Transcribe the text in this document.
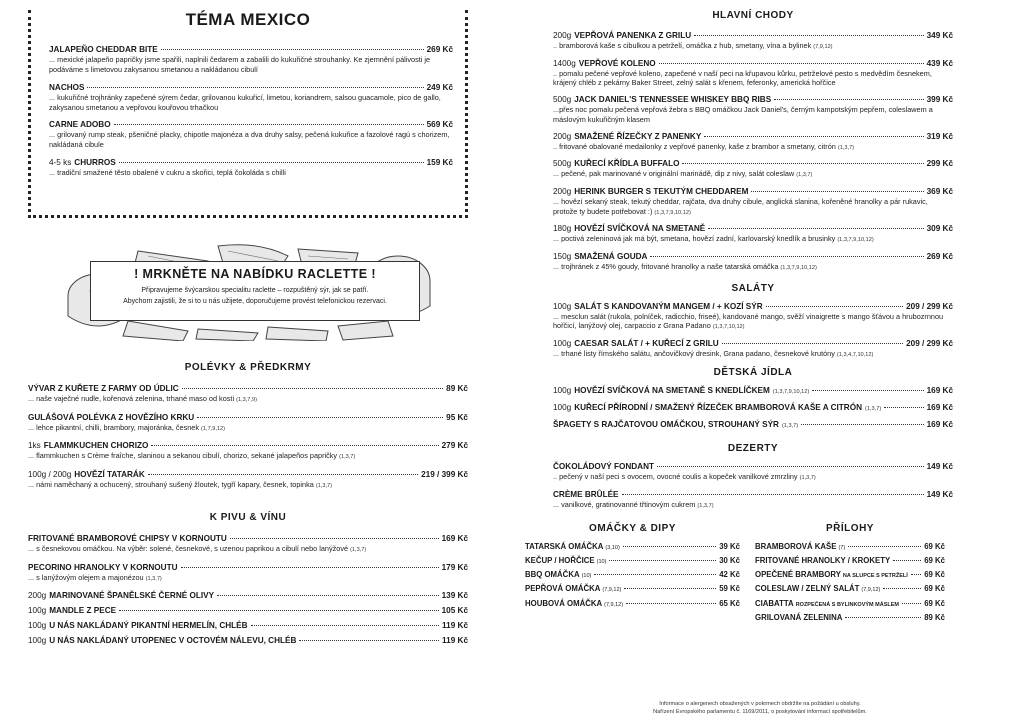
TÉMA MEXICO
JALAPEÑO CHEDDAR BITE	269 Kč
... mexické jalapeño papričky jsme spařili, naplnili čedarem a zabalili do kukuřičné strouhanky. Ke zjemnění pálivosti je podáváme s limetovou zakysanou smetanou a nakládanou cibulí
NACHOS	249 Kč
... kukuřičné trojhránky zapečené sýrem čedar, grilovanou kukuřicí, limetou, koriandrem, salsou guacamole, pico de gallo, zakysanou smetanou a vepřovou kouřovou trhačkou
CARNE ADOBO	569 Kč
... grilovaný rump steak, pšeničné placky, chipotle majonéza a dva druhy salsy, pečená kukuřice a fazolové ragú s chorizem, nakládaná cibule
4-5 ks CHURROS	159 Kč
... tradiční smažené těsto obalené v cukru a skořici, teplá čokoláda s chilli
! MRKNĚTE NA NABÍDKU RACLETTE !

Připravujeme švýcarskou specialitu raclette – rozpuštěný sýr, jak se patří.

Abychom zajistili, že si to u nás užijete, doporučujeme provést telefonickou rezervaci.

POLÉVKY & PŘEDKRMY
VÝVAR Z KUŘETE Z FARMY OD ÚDLIC	89 Kč
... naše vaječné nudle, kořenová zelenina, trhané maso od kosti (1,3,7,9)
GULÁŠOVÁ POLÉVKA Z HOVĚZÍHO KRKU	95 Kč
... lehce pikantní, chilli, brambory, majoránka, česnek (1,7,9,12)
1ks FLAMMKUCHEN CHORIZO	279 Kč
... flammkuchen s Crème fraîche, slaninou a sekanou cibulí, chorizo, sekané jalapeños papričky (1,3,7)
100g / 200g HOVĚZÍ TATARÁK	219 / 399 Kč
... námi naměchaný a ochucený, strouhaný sušený žloutek, tygří kapary, česnek, topinka (1,3,7)
K PIVU & VÍNU
FRITOVANÉ BRAMBOROVÉ CHIPSY V KORNOUTU	169 Kč
... s česnekovou omáčkou. Na výběr: solené, česnekové, s uzenou paprikou a cibulí nebo lanýžové (1,3,7)
PECORINO HRANOLKY V KORNOUTU	179 Kč
... s lanýžovým olejem a majonézou (1,3,7)
200g MARINOVANÉ ŠPANĚLSKÉ ČERNÉ OLIVY	139 Kč
100g MANDLE Z PECE	105 Kč
100g U NÁS NAKLÁDANÝ PIKANTNÍ HERMELÍN, CHLÉB	119 Kč
100g U NÁS NAKLÁDANÝ UTOPENEC V OCTOVÉM NÁLEVU, CHLÉB	119 Kč
HLAVNÍ CHODY
200g VEPŘOVÁ PANENKA Z GRILU	349 Kč
.. bramborová kaše s cibulkou a petrželí, omáčka z hub, smetany, vína a bylinek (7,9,12)
1400g VEPŘOVÉ KOLENO	439 Kč
.. pomalu pečené vepřové koleno, zapečené v naší peci na křupavou kůrku, petrželové pesto s medvědím česnekem, krájený chléb z pekárny Baker Street, zelný salát s křenem, feferonky, americká hořčice
500g JACK DANIEL'S TENNESSEE WHISKEY BBQ RIBS	399 Kč
...přes noc pomalu pečená vepřová žebra s BBQ omáčkou Jack Daniel's, černým kampotským pepřem, coleslawem a máslovým kukuřičným klasem
200g SMAŽENÉ ŘÍZEČKY Z PANENKY	319 Kč
.. fritované obalované medailonky z vepřové panenky, kaše z brambor a smetany, citrón (1,3,7)
500g KUŘECÍ KŘÍDLA BUFFALO	299 Kč
... pečené, pak marinované v originální marinádě, dip z nivy, salát coleslaw (1,3,7)
200g HERINK BURGER S TEKUTÝM CHEDDAREM	369 Kč
... hovězí sekaný steak, tekutý cheddar, rajčata, dva druhy cibule, anglická slanina, kořeněné hranolky a pár rukavic, protože ty budete potřebovat :) (1,3,7,9,10,12)
180g HOVĚZÍ SVÍČKOVÁ NA SMETANĚ	309 Kč
... poctivá zeleninová jak má být, smetana, hovězí zadní, karlovarský knedlík a brusinky (1,3,7,9,10,12)
150g SMAŽENÁ GOUDA	269 Kč
... trojhránek z 45% goudy, fritované hranolky a naše tatarská omáčka (1,3,7,9,10,12)
SALÁTY
100g SALÁT S KANDOVANÝM MANGEM / + KOZÍ SÝR	209 / 299 Kč
... mesclun salát (rukola, polníček, radicchio, friseé), kandované mango, svěží vinaigrette s mango šťávou a hrubozrnnou hořčicí, lanýžový olej, carpaccio z Grana Padano (1,3,7,10,12)
100g CAESAR SALÁT / + KUŘECÍ Z GRILU	209 / 299 Kč
... trhané listy římského salátu, ančovičkový dresink, Grana padano, česnekové krutóny (1,3,4,7,10,12)
DĚTSKÁ JÍDLA
100g HOVĚZÍ SVÍČKOVÁ NA SMETANĚ S KNEDLÍČKEM (1,3,7,9,10,12)	169 Kč
100g KUŘECÍ PŘÍRODNÍ / SMAŽENÝ ŘÍZEČEK BRAMBOROVÁ KAŠE A CITRÓN (1,3,7)	169 Kč
ŠPAGETY S RAJČATOVOU OMÁČKOU, STROUHANÝ SÝR (1,3,7)	169 Kč
DEZERTY
ČOKOLÁDOVÝ FONDANT	149 Kč
.. pečený v naší peci s ovocem, ovocné coulis a kopeček vanilkové zmrzliny (1,3,7)
CRÈME BRÛLÉE	149 Kč
... vanilkové, gratinovanné třtinovým cukrem (1,3,7)
OMÁČKY & DIPY
TATARSKÁ OMÁČKA (3,10)	39 Kč
KEČUP / HOŘČICE (10)	30 Kč
BBQ OMÁČKA (10)	42 Kč
PEPŘOVÁ OMÁČKA (7,9,12)	59 Kč
HOUBOVÁ OMÁČKA (7,9,12)	65 Kč
PŘÍLOHY
BRAMBOROVÁ KAŠE (7)	69 Kč
FRITOVANÉ HRANOLKY / KROKETY	69 Kč
OPEČENÉ BRAMBORY NA SLUPCE S PETRŽELÍ 69 Kč
COLESLAW / ZELNÝ SALÁT (7,9,12)	69 Kč
CIABATTA ROZPEČENÁ S BYLINKOVÝM MÁSLEM	69 Kč
GRILOVANÁ ZELENINA	89 Kč
Informace o alergenech obsažených v pokrmech obdržíte na požádání u obsluhy.
Nařízení Evropského parlamentu č. 1169/2011, o poskytování informací spotřebitelům.
